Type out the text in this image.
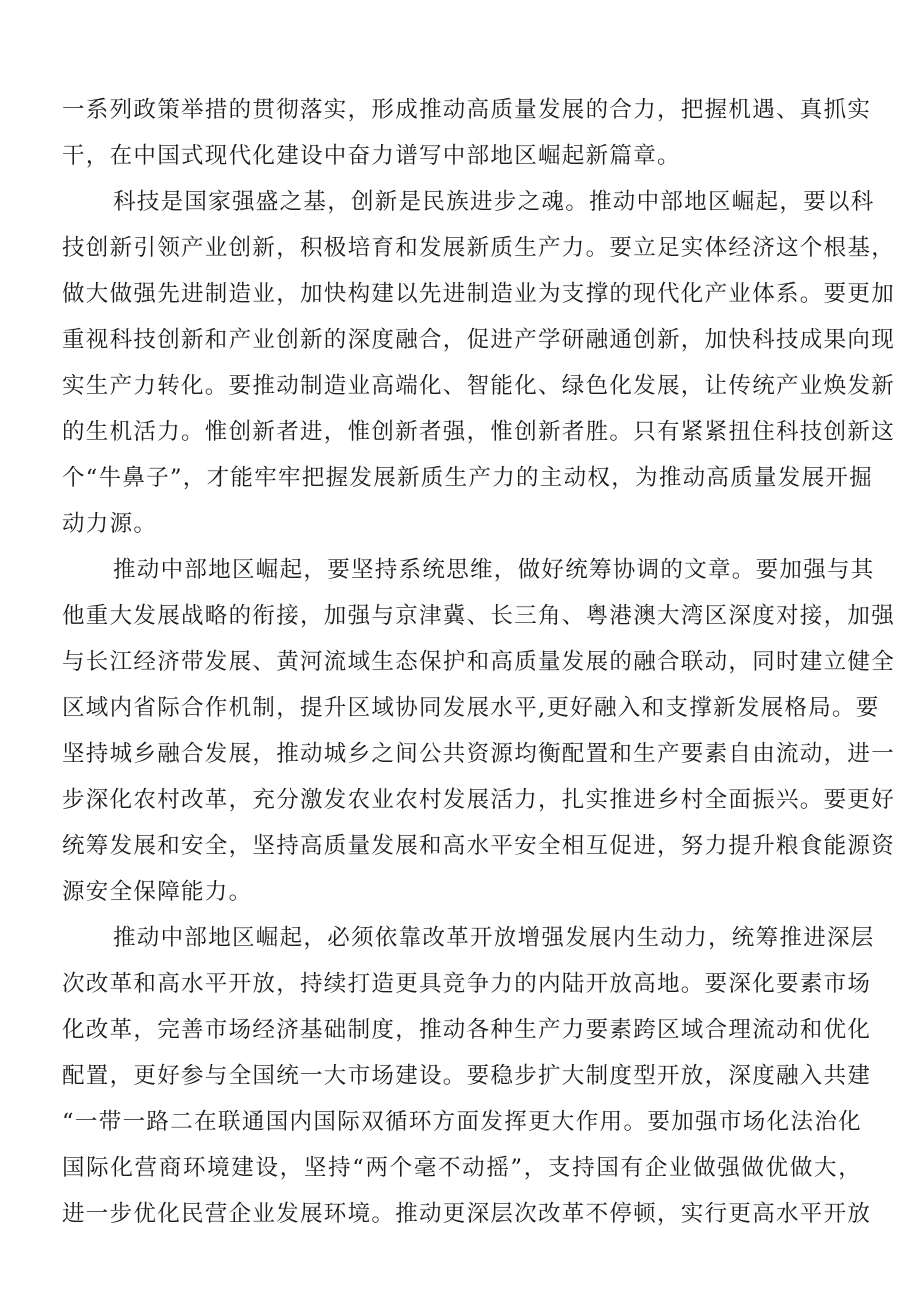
一系列政策举措的贯彻落实，形成推动高质量发展的合力，把握机遇、真抓实

干，在中国式现代化建设中奋力谱写中部地区崛起新篇章。

科技是国家强盛之基，创新是民族进步之魂。推动中部地区崛起，要以科

技创新引领产业创新，积极培育和发展新质生产力。要立足实体经济这个根基，

做大做强先进制造业，加快构建以先进制造业为支撑的现代化产业体系。要更加

重视科技创新和产业创新的深度融合，促进产学研融通创新，加快科技成果向现

实生产力转化。要推动制造业高端化、智能化、绿色化发展，让传统产业焕发新

的生机活力。惟创新者进，惟创新者强，惟创新者胜。只有紧紧扭住科技创新这

个“牛鼻子”，才能牢牢把握发展新质生产力的主动权，为推动高质量发展开掘

动力源。

推动中部地区崛起，要坚持系统思维，做好统筹协调的文章。要加强与其

他重大发展战略的衔接，加强与京津冀、长三角、粤港澳大湾区深度对接，加强

与长江经济带发展、黄河流域生态保护和高质量发展的融合联动，同时建立健全

区域内省际合作机制，提升区域协同发展水平,更好融入和支撑新发展格局。要

坚持城乡融合发展，推动城乡之间公共资源均衡配置和生产要素自由流动，进一

步深化农村改革，充分激发农业农村发展活力，扎实推进乡村全面振兴。要更好

统筹发展和安全，坚持高质量发展和高水平安全相互促进，努力提升粮食能源资

源安全保障能力。

推动中部地区崛起，必须依靠改革开放增强发展内生动力，统筹推进深层

次改革和高水平开放，持续打造更具竞争力的内陆开放高地。要深化要素市场

化改革，完善市场经济基础制度，推动各种生产力要素跨区域合理流动和优化

配置，更好参与全国统一大市场建设。要稳步扩大制度型开放，深度融入共建

“一带一路二在联通国内国际双循环方面发挥更大作用。要加强市场化法治化

国际化营商环境建设，坚持“两个毫不动摇”，支持国有企业做强做优做大，

进一步优化民营企业发展环境。推动更深层次改革不停顿，实行更高水平开放
